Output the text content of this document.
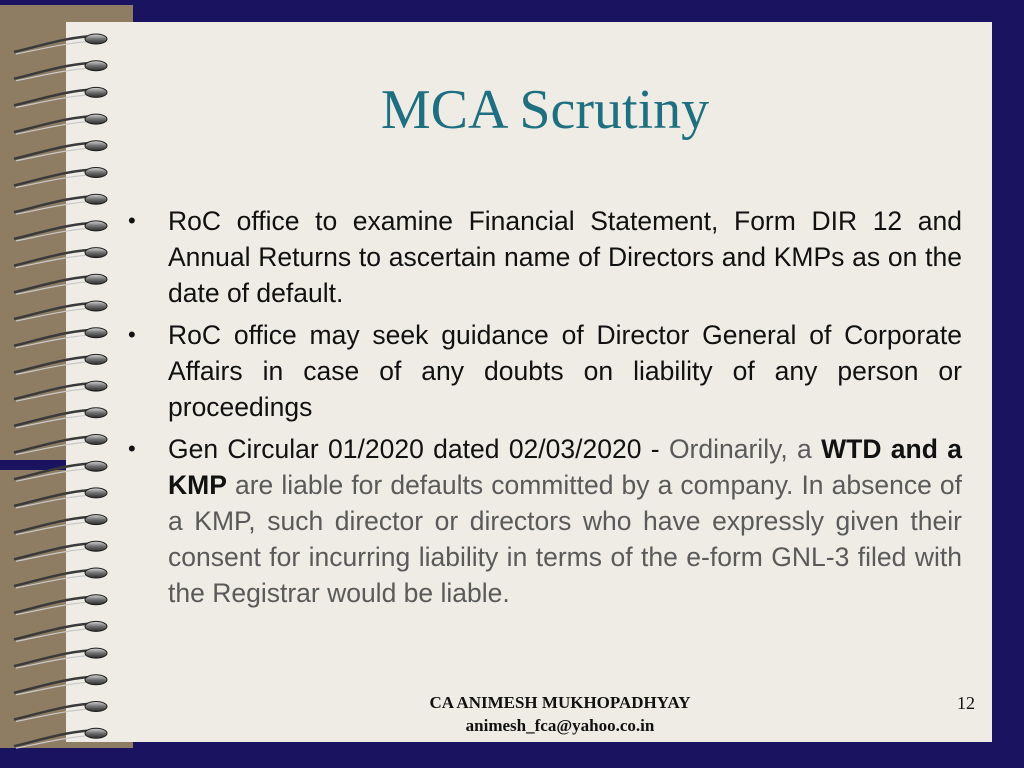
MCA Scrutiny
•	RoC office to examine Financial Statement, Form DIR 12 and Annual Returns to ascertain name of Directors and KMPs as on the date of default.
•	RoC office may seek guidance of Director General of Corporate Affairs in case of any doubts on liability of any person or proceedings
•	Gen Circular 01/2020 dated 02/03/2020 - Ordinarily, a WTD and a KMP are liable for defaults committed by a company. In absence of a KMP, such director or directors who have expressly given their consent for incurring liability in terms of the e-form GNL-3 filed with the Registrar would be liable.
CA ANIMESH MUKHOPADHYAY
animesh_fca@yahoo.co.in
12
